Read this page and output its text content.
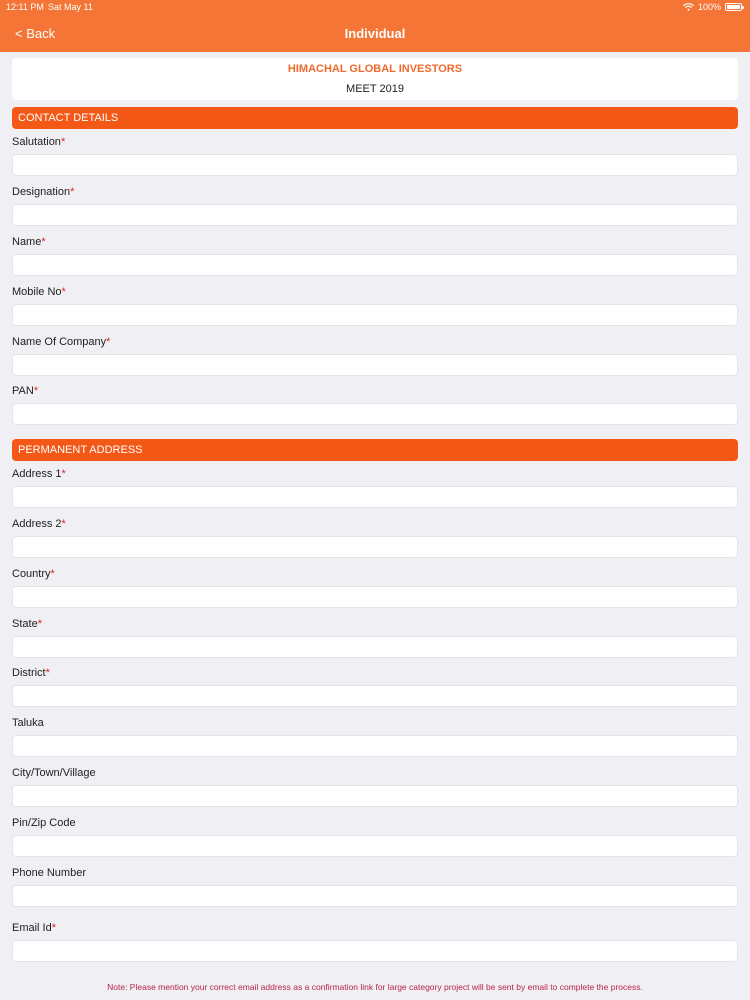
12:11 PM Sat May 11	100%
< Back	Individual
HIMACHAL GLOBAL INVESTORS
MEET 2019
CONTACT DETAILS
Salutation*
Designation*
Name*
Mobile No*
Name Of Company*
PAN*
PERMANENT ADDRESS
Address 1*
Address 2*
Country*
State*
District*
Taluka
City/Town/Village
Pin/Zip Code
Phone Number
Email Id*
Note: Please mention your correct email address as a confirmation link for large category project will be sent by email to complete the process.
